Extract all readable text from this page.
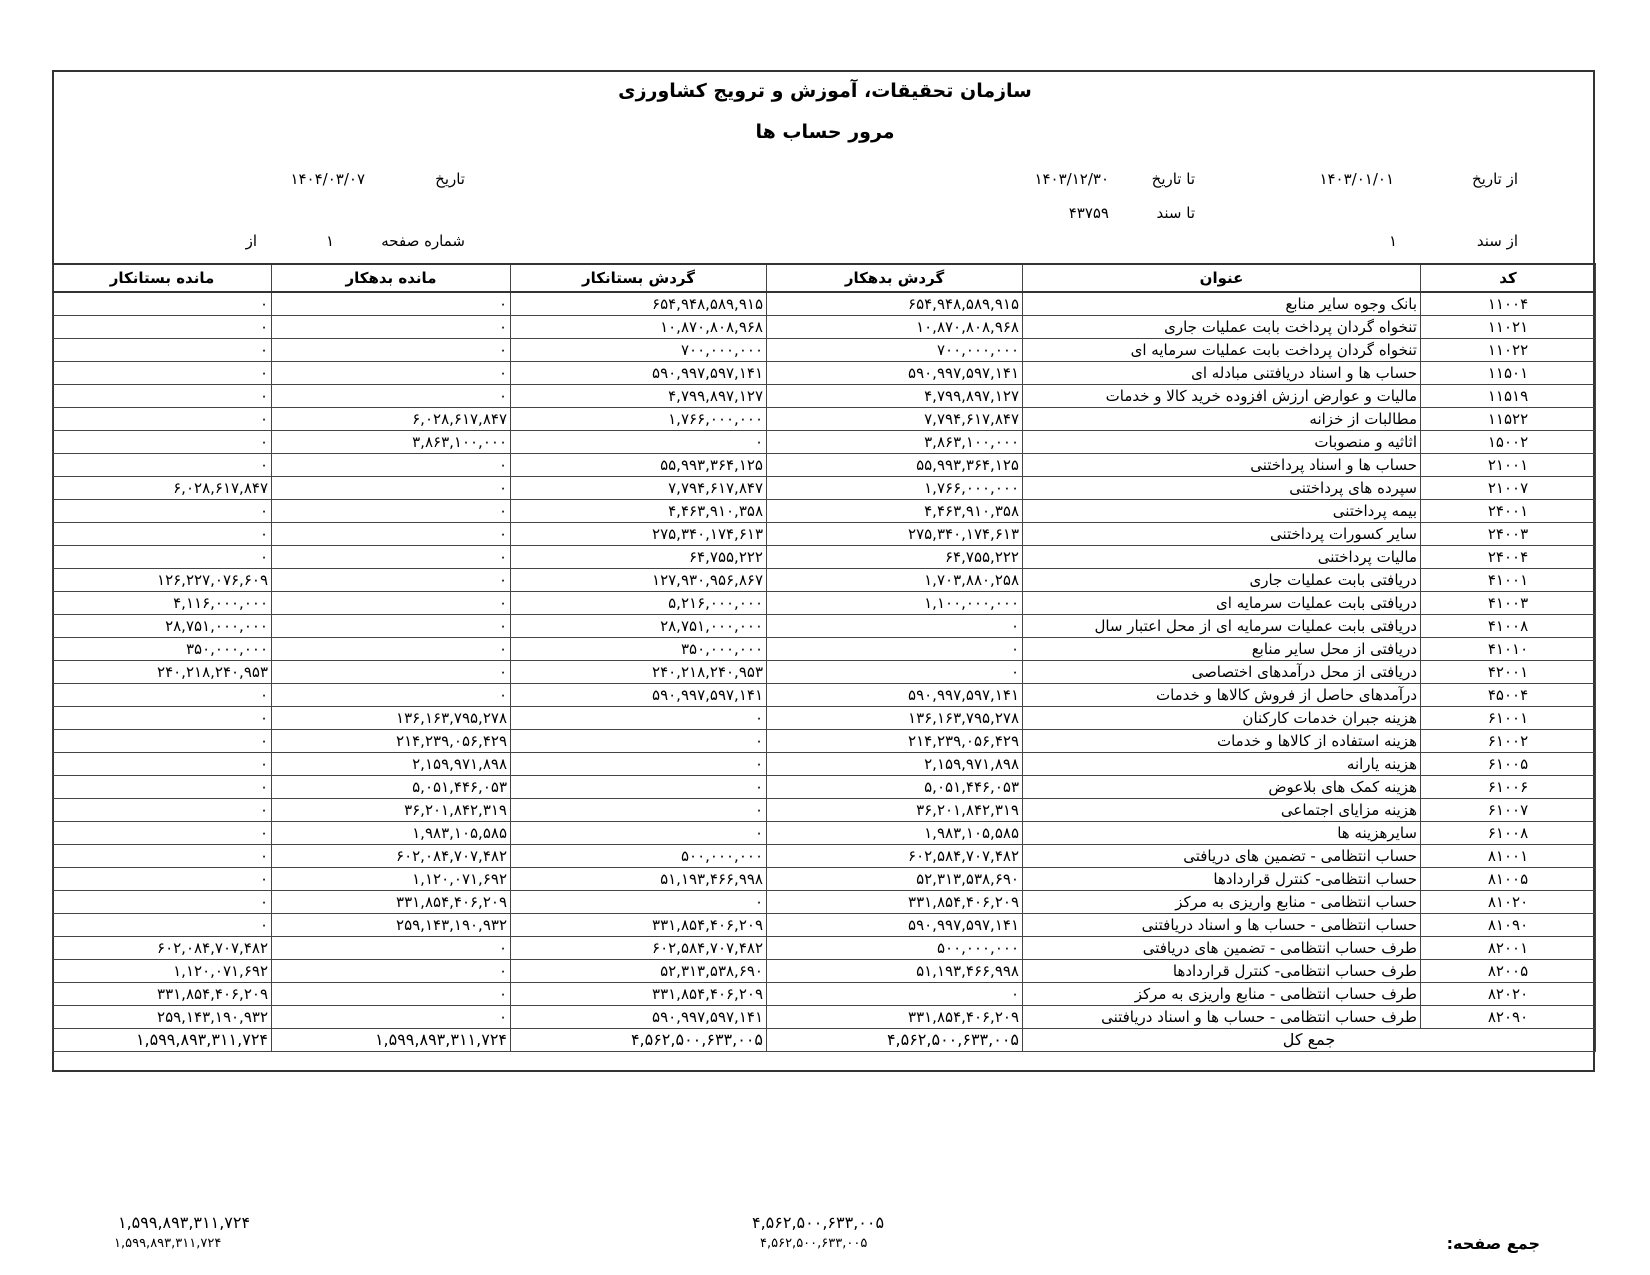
سازمان تحقیقات، آموزش و ترویج کشاورزی
مرور حساب ها
از تاریخ
۱۴۰۳/۰۱/۰۱
تا تاریخ
۱۴۰۳/۱۲/۳۰
تاریخ
۱۴۰۴/۰۳/۰۷
تا سند
۴۳۷۵۹
از سند
۱
شماره صفحه
۱
از
کد	عنوان	گردش بدهکار	گردش بستانکار	مانده بدهکار	مانده بستانکار
۱۱۰۰۴	بانک وجوه سایر منابع	۶۵۴,۹۴۸,۵۸۹,۹۱۵	۶۵۴,۹۴۸,۵۸۹,۹۱۵	۰	۰
۱۱۰۲۱	تنخواه گردان پرداخت بابت عملیات جاری	۱۰,۸۷۰,۸۰۸,۹۶۸	۱۰,۸۷۰,۸۰۸,۹۶۸	۰	۰
۱۱۰۲۲	تنخواه گردان پرداخت بابت عملیات سرمایه ای	۷۰۰,۰۰۰,۰۰۰	۷۰۰,۰۰۰,۰۰۰	۰	۰
۱۱۵۰۱	حساب ها و اسناد دریافتنی مبادله ای	۵۹۰,۹۹۷,۵۹۷,۱۴۱	۵۹۰,۹۹۷,۵۹۷,۱۴۱	۰	۰
۱۱۵۱۹	مالیات و عوارض ارزش افزوده خرید کالا و خدمات	۴,۷۹۹,۸۹۷,۱۲۷	۴,۷۹۹,۸۹۷,۱۲۷	۰	۰
۱۱۵۲۲	مطالبات از خزانه	۷,۷۹۴,۶۱۷,۸۴۷	۱,۷۶۶,۰۰۰,۰۰۰	۶,۰۲۸,۶۱۷,۸۴۷	۰
۱۵۰۰۲	اثاثیه و منصوبات	۳,۸۶۳,۱۰۰,۰۰۰	۰	۳,۸۶۳,۱۰۰,۰۰۰	۰
۲۱۰۰۱	حساب ها و اسناد پرداختنی	۵۵,۹۹۳,۳۶۴,۱۲۵	۵۵,۹۹۳,۳۶۴,۱۲۵	۰	۰
۲۱۰۰۷	سپرده های پرداختنی	۱,۷۶۶,۰۰۰,۰۰۰	۷,۷۹۴,۶۱۷,۸۴۷	۰	۶,۰۲۸,۶۱۷,۸۴۷
۲۴۰۰۱	بیمه پرداختنی	۴,۴۶۳,۹۱۰,۳۵۸	۴,۴۶۳,۹۱۰,۳۵۸	۰	۰
۲۴۰۰۳	سایر کسورات پرداختنی	۲۷۵,۳۴۰,۱۷۴,۶۱۳	۲۷۵,۳۴۰,۱۷۴,۶۱۳	۰	۰
۲۴۰۰۴	مالیات پرداختنی	۶۴,۷۵۵,۲۲۲	۶۴,۷۵۵,۲۲۲	۰	۰
۴۱۰۰۱	دریافتی بابت عملیات جاری	۱,۷۰۳,۸۸۰,۲۵۸	۱۲۷,۹۳۰,۹۵۶,۸۶۷	۰	۱۲۶,۲۲۷,۰۷۶,۶۰۹
۴۱۰۰۳	دریافتی بابت عملیات سرمایه ای	۱,۱۰۰,۰۰۰,۰۰۰	۵,۲۱۶,۰۰۰,۰۰۰	۰	۴,۱۱۶,۰۰۰,۰۰۰
۴۱۰۰۸	دریافتی بابت عملیات سرمایه ای از محل اعتبار سال	۰	۲۸,۷۵۱,۰۰۰,۰۰۰	۰	۲۸,۷۵۱,۰۰۰,۰۰۰
۴۱۰۱۰	دریافتی از محل سایر منابع	۰	۳۵۰,۰۰۰,۰۰۰	۰	۳۵۰,۰۰۰,۰۰۰
۴۲۰۰۱	دریافتی از محل درآمدهای اختصاصی	۰	۲۴۰,۲۱۸,۲۴۰,۹۵۳	۰	۲۴۰,۲۱۸,۲۴۰,۹۵۳
۴۵۰۰۴	درآمدهای حاصل از فروش کالاها و خدمات	۵۹۰,۹۹۷,۵۹۷,۱۴۱	۵۹۰,۹۹۷,۵۹۷,۱۴۱	۰	۰
۶۱۰۰۱	هزینه جبران خدمات کارکنان	۱۳۶,۱۶۳,۷۹۵,۲۷۸	۰	۱۳۶,۱۶۳,۷۹۵,۲۷۸	۰
۶۱۰۰۲	هزینه استفاده از کالاها و خدمات	۲۱۴,۲۳۹,۰۵۶,۴۲۹	۰	۲۱۴,۲۳۹,۰۵۶,۴۲۹	۰
۶۱۰۰۵	هزینه یارانه	۲,۱۵۹,۹۷۱,۸۹۸	۰	۲,۱۵۹,۹۷۱,۸۹۸	۰
۶۱۰۰۶	هزینه کمک های بلاعوض	۵,۰۵۱,۴۴۶,۰۵۳	۰	۵,۰۵۱,۴۴۶,۰۵۳	۰
۶۱۰۰۷	هزینه مزایای اجتماعی	۳۶,۲۰۱,۸۴۲,۳۱۹	۰	۳۶,۲۰۱,۸۴۲,۳۱۹	۰
۶۱۰۰۸	سایرهزینه ها	۱,۹۸۳,۱۰۵,۵۸۵	۰	۱,۹۸۳,۱۰۵,۵۸۵	۰
۸۱۰۰۱	حساب انتظامی - تضمین های دریافتی	۶۰۲,۵۸۴,۷۰۷,۴۸۲	۵۰۰,۰۰۰,۰۰۰	۶۰۲,۰۸۴,۷۰۷,۴۸۲	۰
۸۱۰۰۵	حساب انتظامی- کنترل قراردادها	۵۲,۳۱۳,۵۳۸,۶۹۰	۵۱,۱۹۳,۴۶۶,۹۹۸	۱,۱۲۰,۰۷۱,۶۹۲	۰
۸۱۰۲۰	حساب انتظامی - منابع واریزی به مرکز	۳۳۱,۸۵۴,۴۰۶,۲۰۹	۰	۳۳۱,۸۵۴,۴۰۶,۲۰۹	۰
۸۱۰۹۰	حساب انتظامی - حساب ها و اسناد دریافتنی	۵۹۰,۹۹۷,۵۹۷,۱۴۱	۳۳۱,۸۵۴,۴۰۶,۲۰۹	۲۵۹,۱۴۳,۱۹۰,۹۳۲	۰
۸۲۰۰۱	طرف حساب انتظامی - تضمین های دریافتی	۵۰۰,۰۰۰,۰۰۰	۶۰۲,۵۸۴,۷۰۷,۴۸۲	۰	۶۰۲,۰۸۴,۷۰۷,۴۸۲
۸۲۰۰۵	طرف حساب انتظامی- کنترل قراردادها	۵۱,۱۹۳,۴۶۶,۹۹۸	۵۲,۳۱۳,۵۳۸,۶۹۰	۰	۱,۱۲۰,۰۷۱,۶۹۲
۸۲۰۲۰	طرف حساب انتظامی - منابع واریزی به مرکز	۰	۳۳۱,۸۵۴,۴۰۶,۲۰۹	۰	۳۳۱,۸۵۴,۴۰۶,۲۰۹
۸۲۰۹۰	طرف حساب انتظامی - حساب ها و اسناد دریافتنی	۳۳۱,۸۵۴,۴۰۶,۲۰۹	۵۹۰,۹۹۷,۵۹۷,۱۴۱	۰	۲۵۹,۱۴۳,۱۹۰,۹۳۲
جمع کل		۴,۵۶۲,۵۰۰,۶۳۳,۰۰۵	۴,۵۶۲,۵۰۰,۶۳۳,۰۰۵	۱,۵۹۹,۸۹۳,۳۱۱,۷۲۴	۱,۵۹۹,۸۹۳,۳۱۱,۷۲۴
جمع صفحه:
۴,۵۶۲,۵۰۰,۶۳۳,۰۰۵
۴,۵۶۲,۵۰۰,۶۳۳,۰۰۵
۱,۵۹۹,۸۹۳,۳۱۱,۷۲۴
۱,۵۹۹,۸۹۳,۳۱۱,۷۲۴
